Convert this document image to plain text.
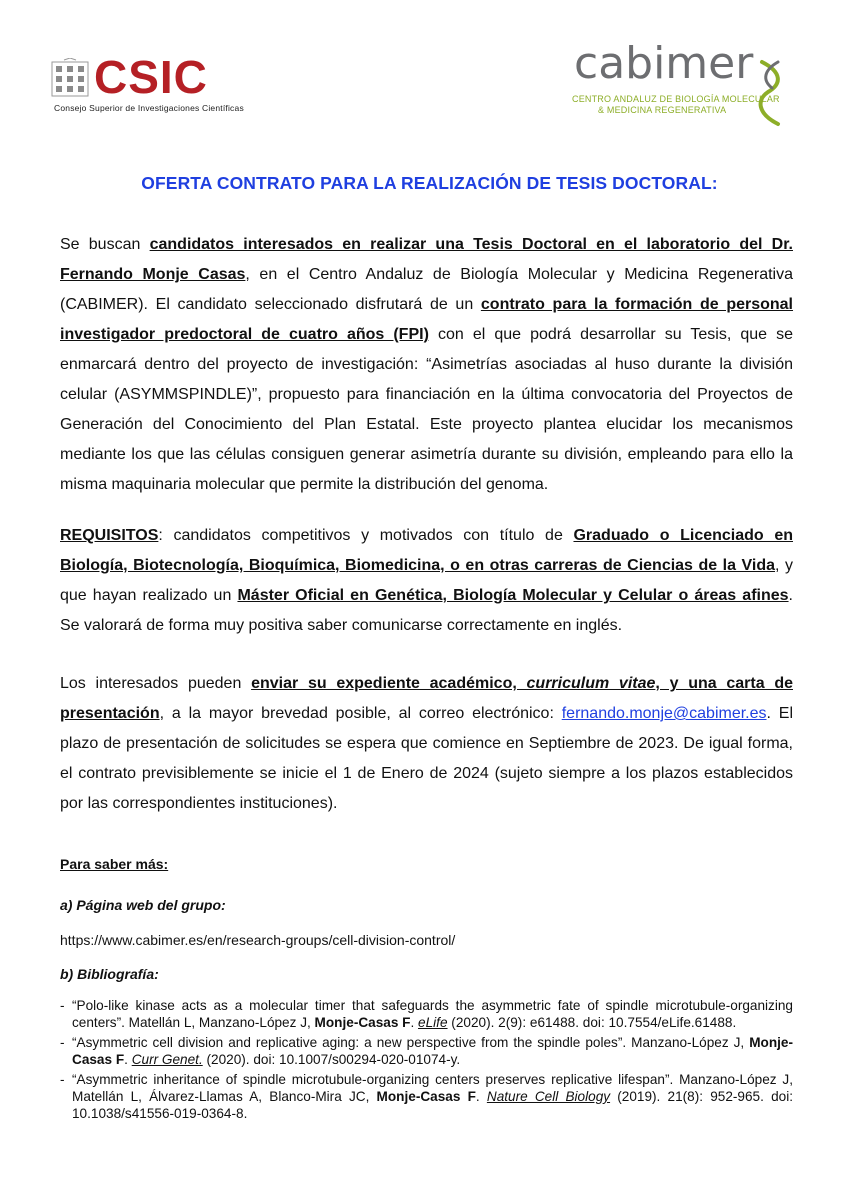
CSIC
Consejo Superior de Investigaciones Científicas
cabimer
CENTRO ANDALUZ DE BIOLOGÍA MOLECULAR
& MEDICINA REGENERATIVA
OFERTA CONTRATO PARA LA REALIZACIÓN DE TESIS DOCTORAL:
Se buscan candidatos interesados en realizar una Tesis Doctoral en el laboratorio del Dr. Fernando Monje Casas, en el Centro Andaluz de Biología Molecular y Medicina Regenerativa (CABIMER). El candidato seleccionado disfrutará de un contrato para la formación de personal investigador predoctoral de cuatro años (FPI) con el que podrá desarrollar su Tesis, que se enmarcará dentro del proyecto de investigación: “Asimetrías asociadas al huso durante la división celular (ASYMMSPINDLE)”, propuesto para financiación en la última convocatoria del Proyectos de Generación del Conocimiento del Plan Estatal. Este proyecto plantea elucidar los mecanismos mediante los que las células consiguen generar asimetría durante su división, empleando para ello la misma maquinaria molecular que permite la distribución del genoma.
REQUISITOS: candidatos competitivos y motivados con título de Graduado o Licenciado en Biología, Biotecnología, Bioquímica, Biomedicina, o en otras carreras de Ciencias de la Vida, y que hayan realizado un Máster Oficial en Genética, Biología Molecular y Celular o áreas afines. Se valorará de forma muy positiva saber comunicarse correctamente en inglés.
Los interesados pueden enviar su expediente académico, curriculum vitae, y una carta de presentación, a la mayor brevedad posible, al correo electrónico: fernando.monje@cabimer.es. El plazo de presentación de solicitudes se espera que comience en Septiembre de 2023. De igual forma, el contrato previsiblemente se inicie el 1 de Enero de 2024 (sujeto siempre a los plazos establecidos por las correspondientes instituciones).
Para saber más:
a) Página web del grupo:
https://www.cabimer.es/en/research-groups/cell-division-control/
b) Bibliografía:
- “Polo-like kinase acts as a molecular timer that safeguards the asymmetric fate of spindle microtubule-organizing centers”. Matellán L, Manzano-López J, Monje-Casas F. eLife (2020). 2(9): e61488. doi: 10.7554/eLife.61488.
- “Asymmetric cell division and replicative aging: a new perspective from the spindle poles”. Manzano-López J, Monje-Casas F. Curr Genet. (2020). doi: 10.1007/s00294-020-01074-y.
- “Asymmetric inheritance of spindle microtubule-organizing centers preserves replicative lifespan”. Manzano-López J, Matellán L, Álvarez-Llamas A, Blanco-Mira JC, Monje-Casas F. Nature Cell Biology (2019). 21(8): 952-965. doi: 10.1038/s41556-019-0364-8.
